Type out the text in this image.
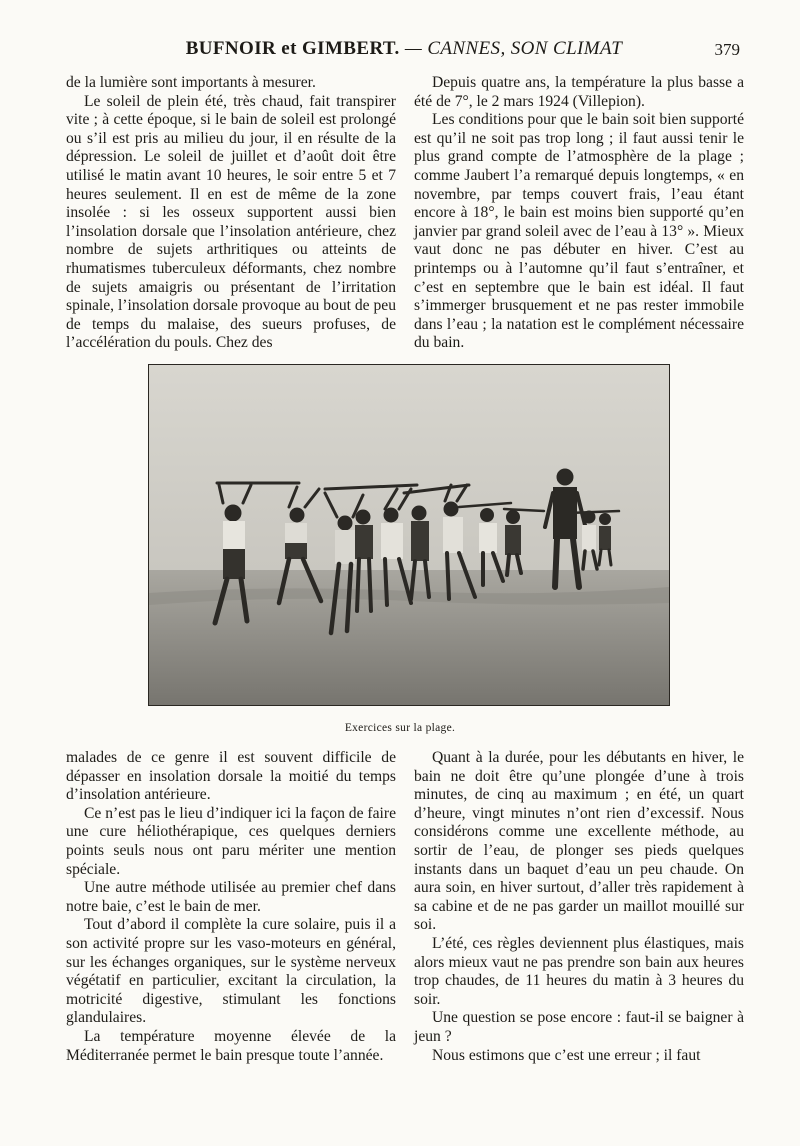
BUFNOIR et GIMBERT. — CANNES, SON CLIMAT	379

de la lumière sont importants à mesurer.

Le soleil de plein été, très chaud, fait transpirer vite ; à cette époque, si le bain de soleil est prolongé ou s’il est pris au milieu du jour, il en résulte de la dépression. Le soleil de juillet et d’août doit être utilisé le matin avant 10 heures, le soir entre 5 et 7 heures seulement. Il en est de même de la zone insolée : si les osseux supportent aussi bien l’insolation dorsale que l’insolation antérieure, chez nombre de sujets arthritiques ou atteints de rhumatismes tuberculeux déformants, chez nombre de sujets amaigris ou présentant de l’irritation spinale, l’insolation dorsale provoque au bout de peu de temps du malaise, des sueurs profuses, de l’accélération du pouls. Chez des

Depuis quatre ans, la température la plus basse a été de 7°, le 2 mars 1924 (Villepion).

Les conditions pour que le bain soit bien supporté est qu’il ne soit pas trop long ; il faut aussi tenir le plus grand compte de l’atmosphère de la plage ; comme Jaubert l’a remarqué depuis longtemps, « en novembre, par temps couvert frais, l’eau étant encore à 18°, le bain est moins bien supporté qu’en janvier par grand soleil avec de l’eau à 13° ». Mieux vaut donc ne pas débuter en hiver. C’est au printemps ou à l’automne qu’il faut s’entraîner, et c’est en septembre que le bain est idéal. Il faut s’immerger brusquement et ne pas rester immobile dans l’eau ; la natation est le complément nécessaire du bain.

Exercices sur la plage.

malades de ce genre il est souvent difficile de dépasser en insolation dorsale la moitié du temps d’insolation antérieure.

Ce n’est pas le lieu d’indiquer ici la façon de faire une cure héliothérapique, ces quelques derniers points seuls nous ont paru mériter une mention spéciale.

Une autre méthode utilisée au premier chef dans notre baie, c’est le bain de mer.

Tout d’abord il complète la cure solaire, puis il a son activité propre sur les vaso-moteurs en général, sur les échanges organiques, sur le système nerveux végétatif en particulier, excitant la circulation, la motricité digestive, stimulant les fonctions glandulaires.

La température moyenne élevée de la Méditerranée permet le bain presque toute l’année.

Quant à la durée, pour les débutants en hiver, le bain ne doit être qu’une plongée d’une à trois minutes, de cinq au maximum ; en été, un quart d’heure, vingt minutes n’ont rien d’excessif. Nous considérons comme une excellente méthode, au sortir de l’eau, de plonger ses pieds quelques instants dans un baquet d’eau un peu chaude. On aura soin, en hiver surtout, d’aller très rapidement à sa cabine et de ne pas garder un maillot mouillé sur soi.

L’été, ces règles deviennent plus élastiques, mais alors mieux vaut ne pas prendre son bain aux heures trop chaudes, de 11 heures du matin à 3 heures du soir.

Une question se pose encore : faut-il se baigner à jeun ?

Nous estimons que c’est une erreur ; il faut
